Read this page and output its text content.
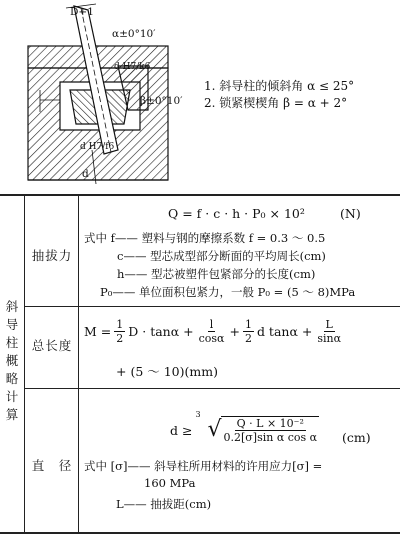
D+1
α±0°10′
d H7/k6
β±0°10′
d H7/f6
d
1. 斜导柱的倾斜角 α ≤ 25°
2. 锁紧楔楔角 β = α + 2°
斜导柱概略计算
抽拔力
Q = f · c · h · P₀ × 10²	(N)
式中 f—— 塑料与钢的摩擦系数 f = 0.3 ～ 0.5
c—— 型芯成型部分断面的平均周长(cm)
h—— 型芯被塑件包紧部分的长度(cm)
P₀—— 单位面积包紧力，一般 P₀ = (5 ～ 8)MPa
总长度
$M = \frac{1}{2}$ $D \cdot \tan\alpha + \frac{l}{\cos\alpha} + \frac{1}{2}$ d $\tan\alpha + \frac{L}{\sin\alpha}$
+ (5 ～ 10)(mm)
直　径
d ≥
3
√ $\frac{\text{Q · L × 10⁻²}}{\text{0.2[σ]sin α cos α}} (cm)$
式中 [σ]—— 斜导柱所用材料的许用应力[σ] =
160 MPa
L—— 抽拔距(cm)
